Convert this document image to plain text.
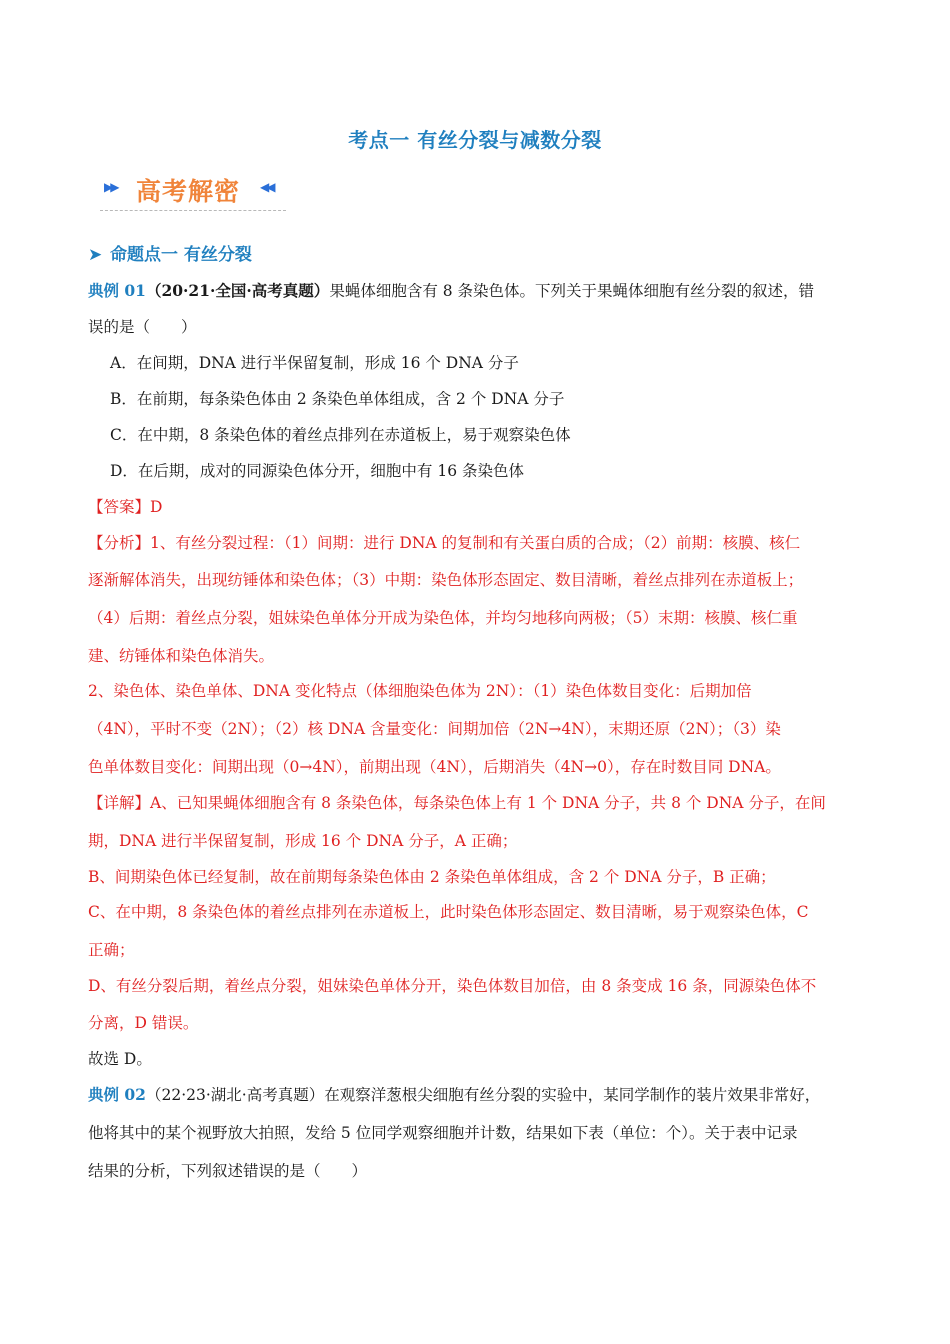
考点一 有丝分裂与减数分裂
▶▶ 高考解密 ◀◀
➤ 命题点一 有丝分裂
典例 01（20·21·全国·高考真题）果蝇体细胞含有 8 条染色体。下列关于果蝇体细胞有丝分裂的叙述，错
误的是（　　）
A．在间期，DNA 进行半保留复制，形成 16 个 DNA 分子
B．在前期，每条染色体由 2 条染色单体组成，含 2 个 DNA 分子
C．在中期，8 条染色体的着丝点排列在赤道板上，易于观察染色体
D．在后期，成对的同源染色体分开，细胞中有 16 条染色体
【答案】D
【分析】1、有丝分裂过程：（1）间期：进行 DNA 的复制和有关蛋白质的合成；（2）前期：核膜、核仁
逐渐解体消失，出现纺锤体和染色体；（3）中期：染色体形态固定、数目清晰，着丝点排列在赤道板上；
（4）后期：着丝点分裂，姐妹染色单体分开成为染色体，并均匀地移向两极；（5）末期：核膜、核仁重
建、纺锤体和染色体消失。
2、染色体、染色单体、DNA 变化特点（体细胞染色体为 2N）：（1）染色体数目变化：后期加倍
（4N），平时不变（2N）；（2）核 DNA 含量变化：间期加倍（2N→4N），末期还原（2N）；（3）染
色单体数目变化：间期出现（0→4N），前期出现（4N），后期消失（4N→0），存在时数目同 DNA。
【详解】A、已知果蝇体细胞含有 8 条染色体，每条染色体上有 1 个 DNA 分子，共 8 个 DNA 分子，在间
期，DNA 进行半保留复制，形成 16 个 DNA 分子，A 正确；
B、间期染色体已经复制，故在前期每条染色体由 2 条染色单体组成，含 2 个 DNA 分子，B 正确；
C、在中期，8 条染色体的着丝点排列在赤道板上，此时染色体形态固定、数目清晰，易于观察染色体，C
正确；
D、有丝分裂后期，着丝点分裂，姐妹染色单体分开，染色体数目加倍，由 8 条变成 16 条，同源染色体不
分离，D 错误。
故选 D。
典例 02（22·23·湖北·高考真题）在观察洋葱根尖细胞有丝分裂的实验中，某同学制作的装片效果非常好，
他将其中的某个视野放大拍照，发给 5 位同学观察细胞并计数，结果如下表（单位：个）。关于表中记录
结果的分析，下列叙述错误的是（　　）
